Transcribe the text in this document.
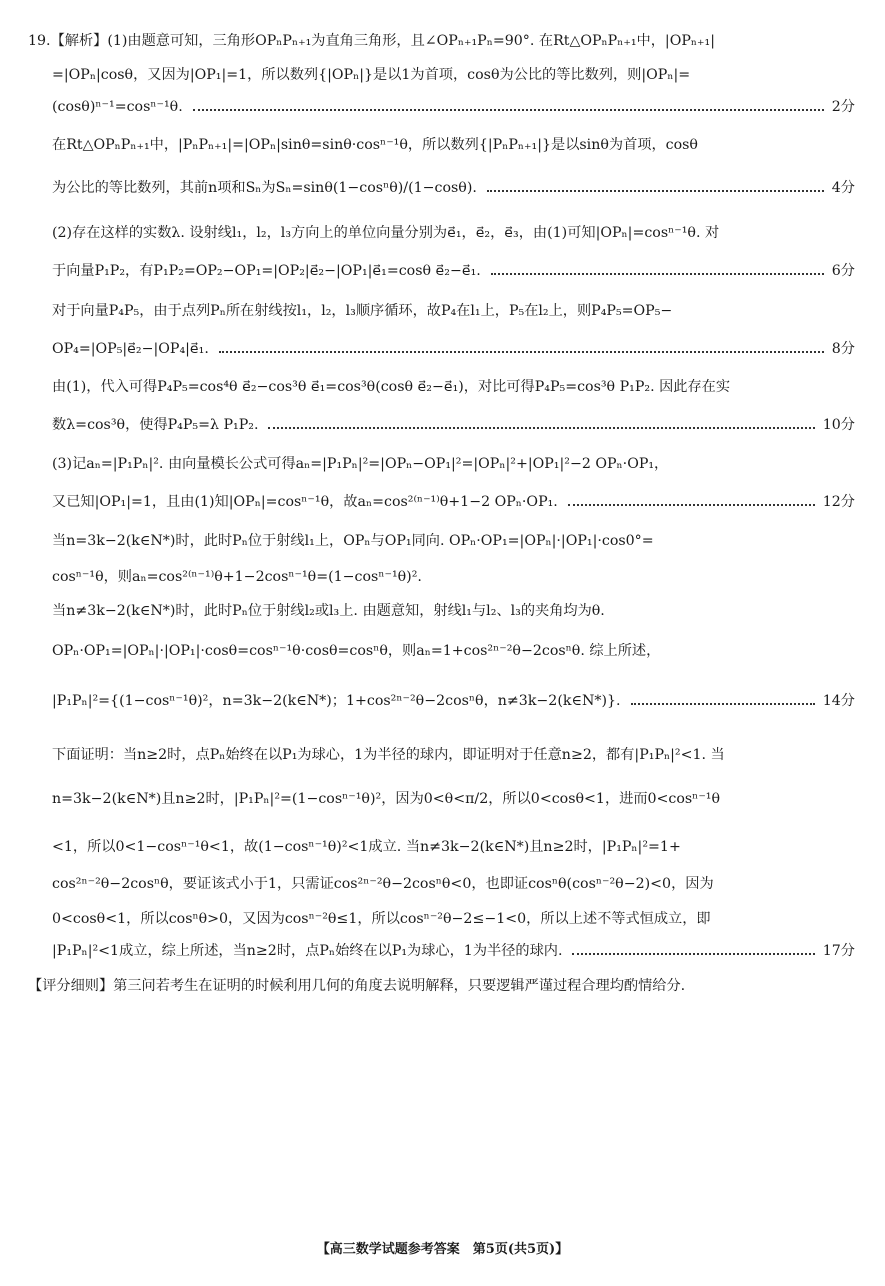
19.【解析】(1)由题意可知，三角形OPₙPₙ₊₁为直角三角形，且∠OPₙ₊₁Pₙ=90°. 在Rt△OPₙPₙ₊₁中，|OPₙ₊₁|
=|OPₙ|cosθ，又因为|OP₁|=1，所以数列{|OPₙ|}是以1为首项，cosθ为公比的等比数列，则|OPₙ|=
(cosθ)ⁿ⁻¹=cosⁿ⁻¹θ.	2分
在Rt△OPₙPₙ₊₁中，|PₙPₙ₊₁|=|OPₙ|sinθ=sinθ·cosⁿ⁻¹θ，所以数列{|PₙPₙ₊₁|}是以sinθ为首项，cosθ
为公比的等比数列，其前n项和Sₙ为Sₙ=sinθ(1−cosⁿθ)/(1−cosθ).	4分
(2)存在这样的实数λ. 设射线l₁，l₂，l₃方向上的单位向量分别为e⃗₁，e⃗₂，e⃗₃，由(1)可知|OPₙ|=cosⁿ⁻¹θ. 对
于向量P₁P₂，有P₁P₂=OP₂−OP₁=|OP₂|e⃗₂−|OP₁|e⃗₁=cosθ e⃗₂−e⃗₁.	6分
对于向量P₄P₅，由于点列Pₙ所在射线按l₁，l₂，l₃顺序循环，故P₄在l₁上，P₅在l₂上，则P₄P₅=OP₅−
OP₄=|OP₅|e⃗₂−|OP₄|e⃗₁.	8分
由(1)，代入可得P₄P₅=cos⁴θ e⃗₂−cos³θ e⃗₁=cos³θ(cosθ e⃗₂−e⃗₁)，对比可得P₄P₅=cos³θ P₁P₂. 因此存在实
数λ=cos³θ，使得P₄P₅=λ P₁P₂.	10分
(3)记aₙ=|P₁Pₙ|². 由向量模长公式可得aₙ=|P₁Pₙ|²=|OPₙ−OP₁|²=|OPₙ|²+|OP₁|²−2 OPₙ·OP₁，
又已知|OP₁|=1，且由(1)知|OPₙ|=cosⁿ⁻¹θ，故aₙ=cos²⁽ⁿ⁻¹⁾θ+1−2 OPₙ·OP₁.	12分
当n=3k−2(k∈N*)时，此时Pₙ位于射线l₁上，OPₙ与OP₁同向. OPₙ·OP₁=|OPₙ|·|OP₁|·cos0°=
cosⁿ⁻¹θ，则aₙ=cos²⁽ⁿ⁻¹⁾θ+1−2cosⁿ⁻¹θ=(1−cosⁿ⁻¹θ)².
当n≠3k−2(k∈N*)时，此时Pₙ位于射线l₂或l₃上. 由题意知，射线l₁与l₂、l₃的夹角均为θ.
OPₙ·OP₁=|OPₙ|·|OP₁|·cosθ=cosⁿ⁻¹θ·cosθ=cosⁿθ，则aₙ=1+cos²ⁿ⁻²θ−2cosⁿθ. 综上所述，
|P₁Pₙ|²={(1−cosⁿ⁻¹θ)²，n=3k−2(k∈N*)；1+cos²ⁿ⁻²θ−2cosⁿθ，n≠3k−2(k∈N*)}.	14分
下面证明：当n≥2时，点Pₙ始终在以P₁为球心，1为半径的球内，即证明对于任意n≥2，都有|P₁Pₙ|²<1. 当
n=3k−2(k∈N*)且n≥2时，|P₁Pₙ|²=(1−cosⁿ⁻¹θ)²，因为0<θ<π/2，所以0<cosθ<1，进而0<cosⁿ⁻¹θ
<1，所以0<1−cosⁿ⁻¹θ<1，故(1−cosⁿ⁻¹θ)²<1成立. 当n≠3k−2(k∈N*)且n≥2时，|P₁Pₙ|²=1+
cos²ⁿ⁻²θ−2cosⁿθ，要证该式小于1，只需证cos²ⁿ⁻²θ−2cosⁿθ<0，也即证cosⁿθ(cosⁿ⁻²θ−2)<0，因为
0<cosθ<1，所以cosⁿθ>0，又因为cosⁿ⁻²θ≤1，所以cosⁿ⁻²θ−2≤−1<0，所以上述不等式恒成立，即
|P₁Pₙ|²<1成立，综上所述，当n≥2时，点Pₙ始终在以P₁为球心，1为半径的球内.	17分
【评分细则】第三问若考生在证明的时候利用几何的角度去说明解释，只要逻辑严谨过程合理均酌情给分.
【高三数学试题参考答案　第5页(共5页)】
